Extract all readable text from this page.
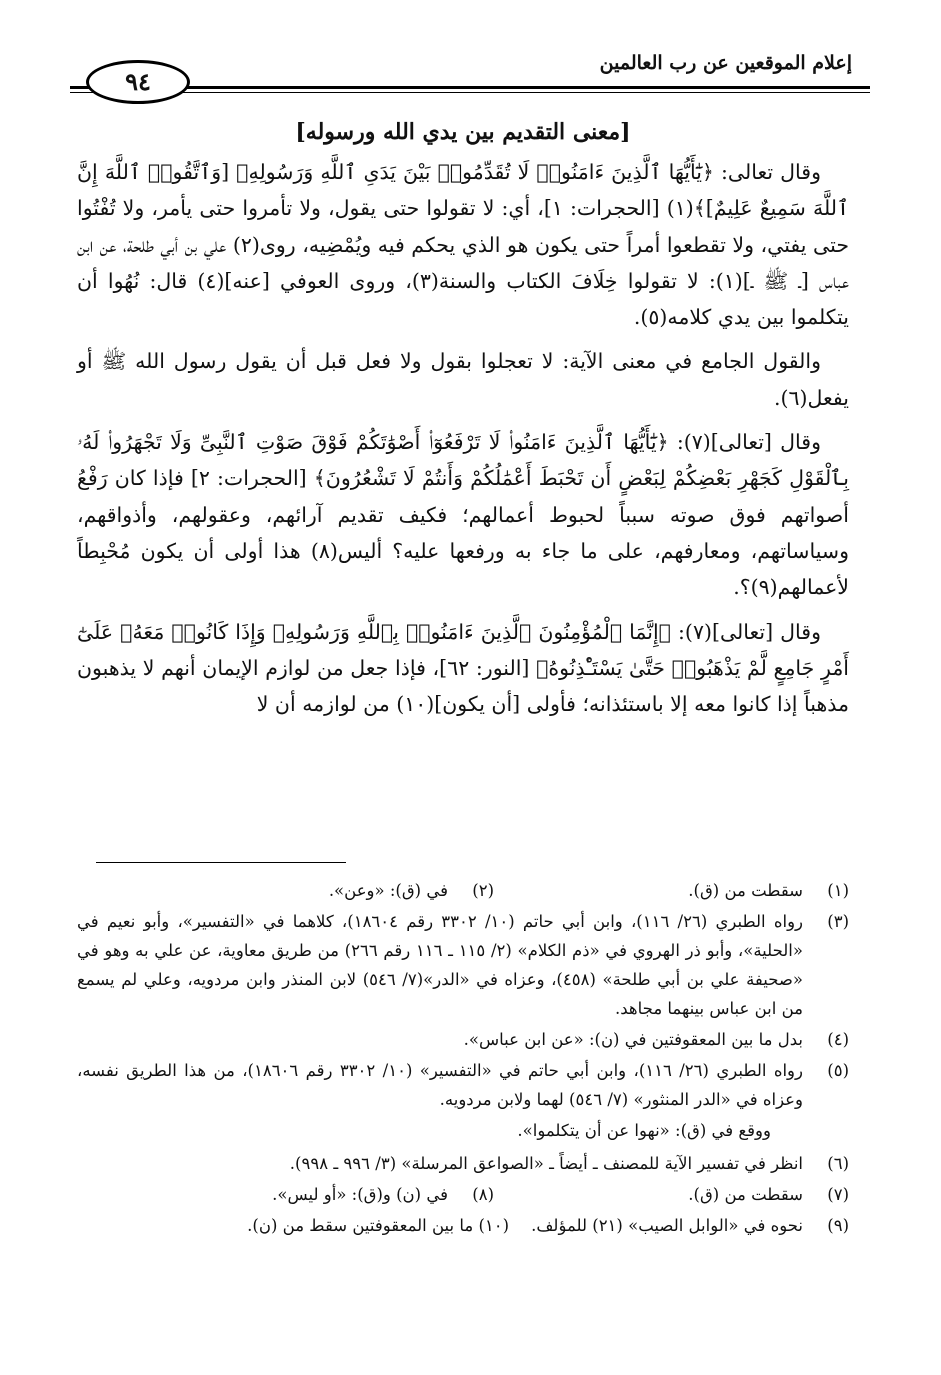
إعلام الموقعين عن رب العالمين
٩٤
[معنى التقديم بين يدي الله ورسوله]

وقال تعالى: ﴿يَٰٓأَيُّهَا ٱلَّذِينَ ءَامَنُوا۟ لَا تُقَدِّمُوا۟ بَيْنَ يَدَىِ ٱللَّهِ وَرَسُولِهِۦ [وَٱتَّقُوا۟ ٱللَّهَ إِنَّ ٱللَّهَ سَمِيعٌ عَلِيمٌ]﴾(١) [الحجرات: ١]، أي: لا تقولوا حتى يقول، ولا تأمروا حتى يأمر، ولا تُفْتُوا حتى يفتي، ولا تقطعوا أمراً حتى يكون هو الذي يحكم فيه ويُمْضِيه، روى(٢) علي بن أبي طلحة، عن ابن عباس [ـ ﷺ ـ](١): لا تقولوا خِلَافَ الكتاب والسنة(٣)، وروى العوفي [عنه](٤) قال: نُهُوا أن يتكلموا بين يدي كلامه(٥).

والقول الجامع في معنى الآية: لا تعجلوا بقول ولا فعل قبل أن يقول رسول الله ﷺ أو يفعل(٦).

وقال [تعالى](٧): ﴿يَٰٓأَيُّهَا ٱلَّذِينَ ءَامَنُوا۟ لَا تَرْفَعُوٓا۟ أَصْوَٰتَكُمْ فَوْقَ صَوْتِ ٱلنَّبِىِّ وَلَا تَجْهَرُوا۟ لَهُۥ بِٱلْقَوْلِ كَجَهْرِ بَعْضِكُمْ لِبَعْضٍ أَن تَحْبَطَ أَعْمَٰلُكُمْ وَأَنتُمْ لَا تَشْعُرُونَ﴾ [الحجرات: ٢] فإذا كان رَفْعُ أصواتهم فوق صوته سبباً لحبوط أعمالهم؛ فكيف تقديم آرائهم، وعقولهم، وأذواقهم، وسياساتهم، ومعارفهم، على ما جاء به ورفعها عليه؟ أليس(٨) هذا أولى أن يكون مُحْبِطاً لأعمالهم(٩)؟.

وقال [تعالى](٧): ﴿إِنَّمَا ٱلْمُؤْمِنُونَ ٱلَّذِينَ ءَامَنُوا۟ بِٱللَّهِ وَرَسُولِهِۦ وَإِذَا كَانُوا۟ مَعَهُۥ عَلَىٰٓ أَمْرٍ جَامِعٍ لَّمْ يَذْهَبُوا۟ حَتَّىٰ يَسْتَـْٔذِنُوهُ﴾ [النور: ٦٢]، فإذا جعل من لوازم الإيمان أنهم لا يذهبون مذهباً إذا كانوا معه إلا باستئذانه؛ فأولى [أن يكون](١٠) من لوازمه أن لا

(١)
سقطت من (ق).
(٢)
في (ق): «وعن».
(٣)
رواه الطبري (٢٦/ ١١٦)، وابن أبي حاتم (١٠/ ٣٣٠٢ رقم ١٨٦٠٤)، كلاهما في «التفسير»، وأبو نعيم في «الحلية»، وأبو ذر الهروي في «ذم الكلام» (٢/ ١١٥ ـ ١١٦ رقم ٢٦٦) من طريق معاوية، عن علي به وهو في «صحيفة علي بن أبي طلحة» (٤٥٨)، وعزاه في «الدر»(٧/ ٥٤٦) لابن المنذر وابن مردويه، وعلي لم يسمع من ابن عباس بينهما مجاهد.
(٤)
بدل ما بين المعقوفتين في (ن): «عن ابن عباس».
(٥)
رواه الطبري (٢٦/ ١١٦)، وابن أبي حاتم في «التفسير» (١٠/ ٣٣٠٢ رقم ١٨٦٠٦)، من هذا الطريق نفسه، وعزاه في «الدر المنثور» (٧/ ٥٤٦) لهما ولابن مردويه.
ووقع في (ق): «نهوا عن أن يتكلموا».
(٦)
انظر في تفسير الآية للمصنف ـ أيضاً ـ «الصواعق المرسلة» (٣/ ٩٩٦ ـ ٩٩٨).
(٧)
سقطت من (ق).
(٨)
في (ن) و(ق): «أو ليس».
(٩)
نحوه في «الوابل الصيب» (٢١) للمؤلف.(١٠) ما بين المعقوفتين سقط من (ن).
